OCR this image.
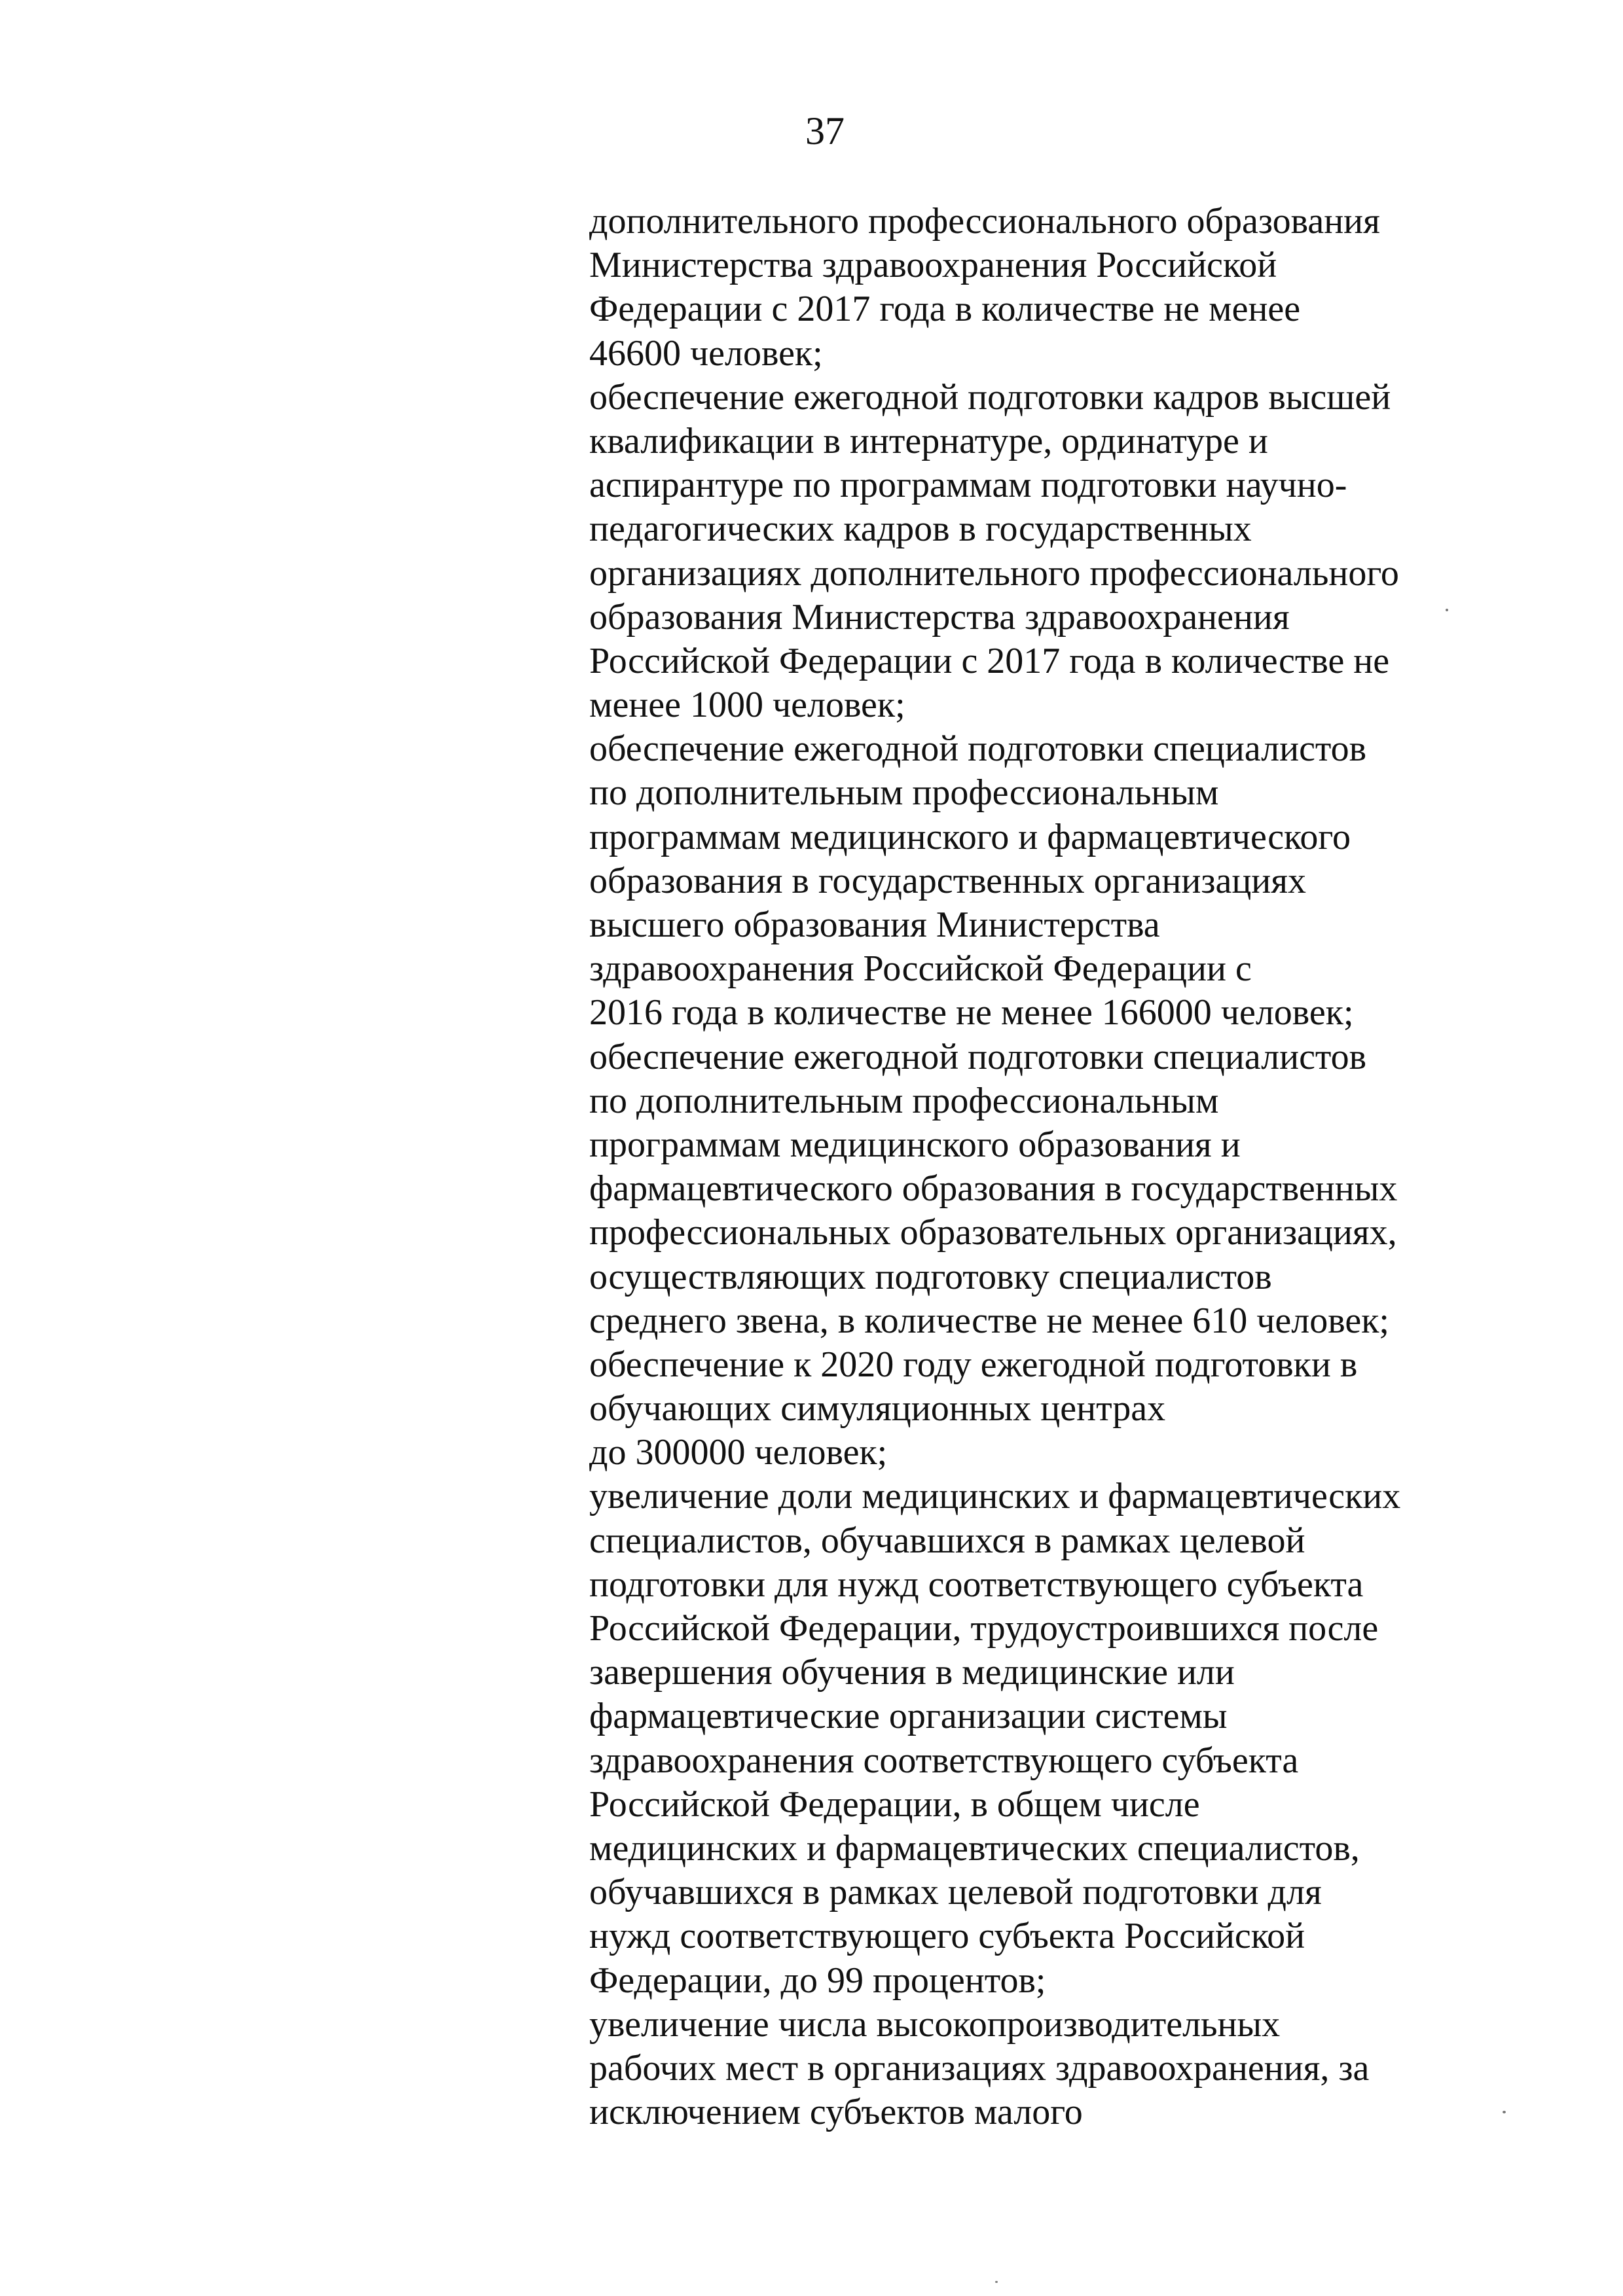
37
дополнительного профессионального образования
Министерства здравоохранения Российской
Федерации с 2017 года в количестве не менее
46600 человек;
обеспечение ежегодной подготовки кадров высшей
квалификации в интернатуре, ординатуре и
аспирантуре по программам подготовки научно-
педагогических кадров в государственных
организациях дополнительного профессионального
образования Министерства здравоохранения
Российской Федерации с 2017 года в количестве не
менее 1000 человек;
обеспечение ежегодной подготовки специалистов
по дополнительным профессиональным
программам медицинского и фармацевтического
образования в государственных организациях
высшего образования Министерства
здравоохранения Российской Федерации с
2016 года в количестве не менее 166000 человек;
обеспечение ежегодной подготовки специалистов
по дополнительным профессиональным
программам медицинского образования и
фармацевтического образования в государственных
профессиональных образовательных организациях,
осуществляющих подготовку специалистов
среднего звена, в количестве не менее 610 человек;
обеспечение к 2020 году ежегодной подготовки в
обучающих симуляционных центрах
до 300000 человек;
увеличение доли медицинских и фармацевтических
специалистов, обучавшихся в рамках целевой
подготовки для нужд соответствующего субъекта
Российской Федерации, трудоустроившихся после
завершения обучения в медицинские или
фармацевтические организации системы
здравоохранения соответствующего субъекта
Российской Федерации, в общем числе
медицинских и фармацевтических специалистов,
обучавшихся в рамках целевой подготовки для
нужд соответствующего субъекта Российской
Федерации, до 99 процентов;
увеличение числа высокопроизводительных
рабочих мест в организациях здравоохранения, за
исключением субъектов малого
